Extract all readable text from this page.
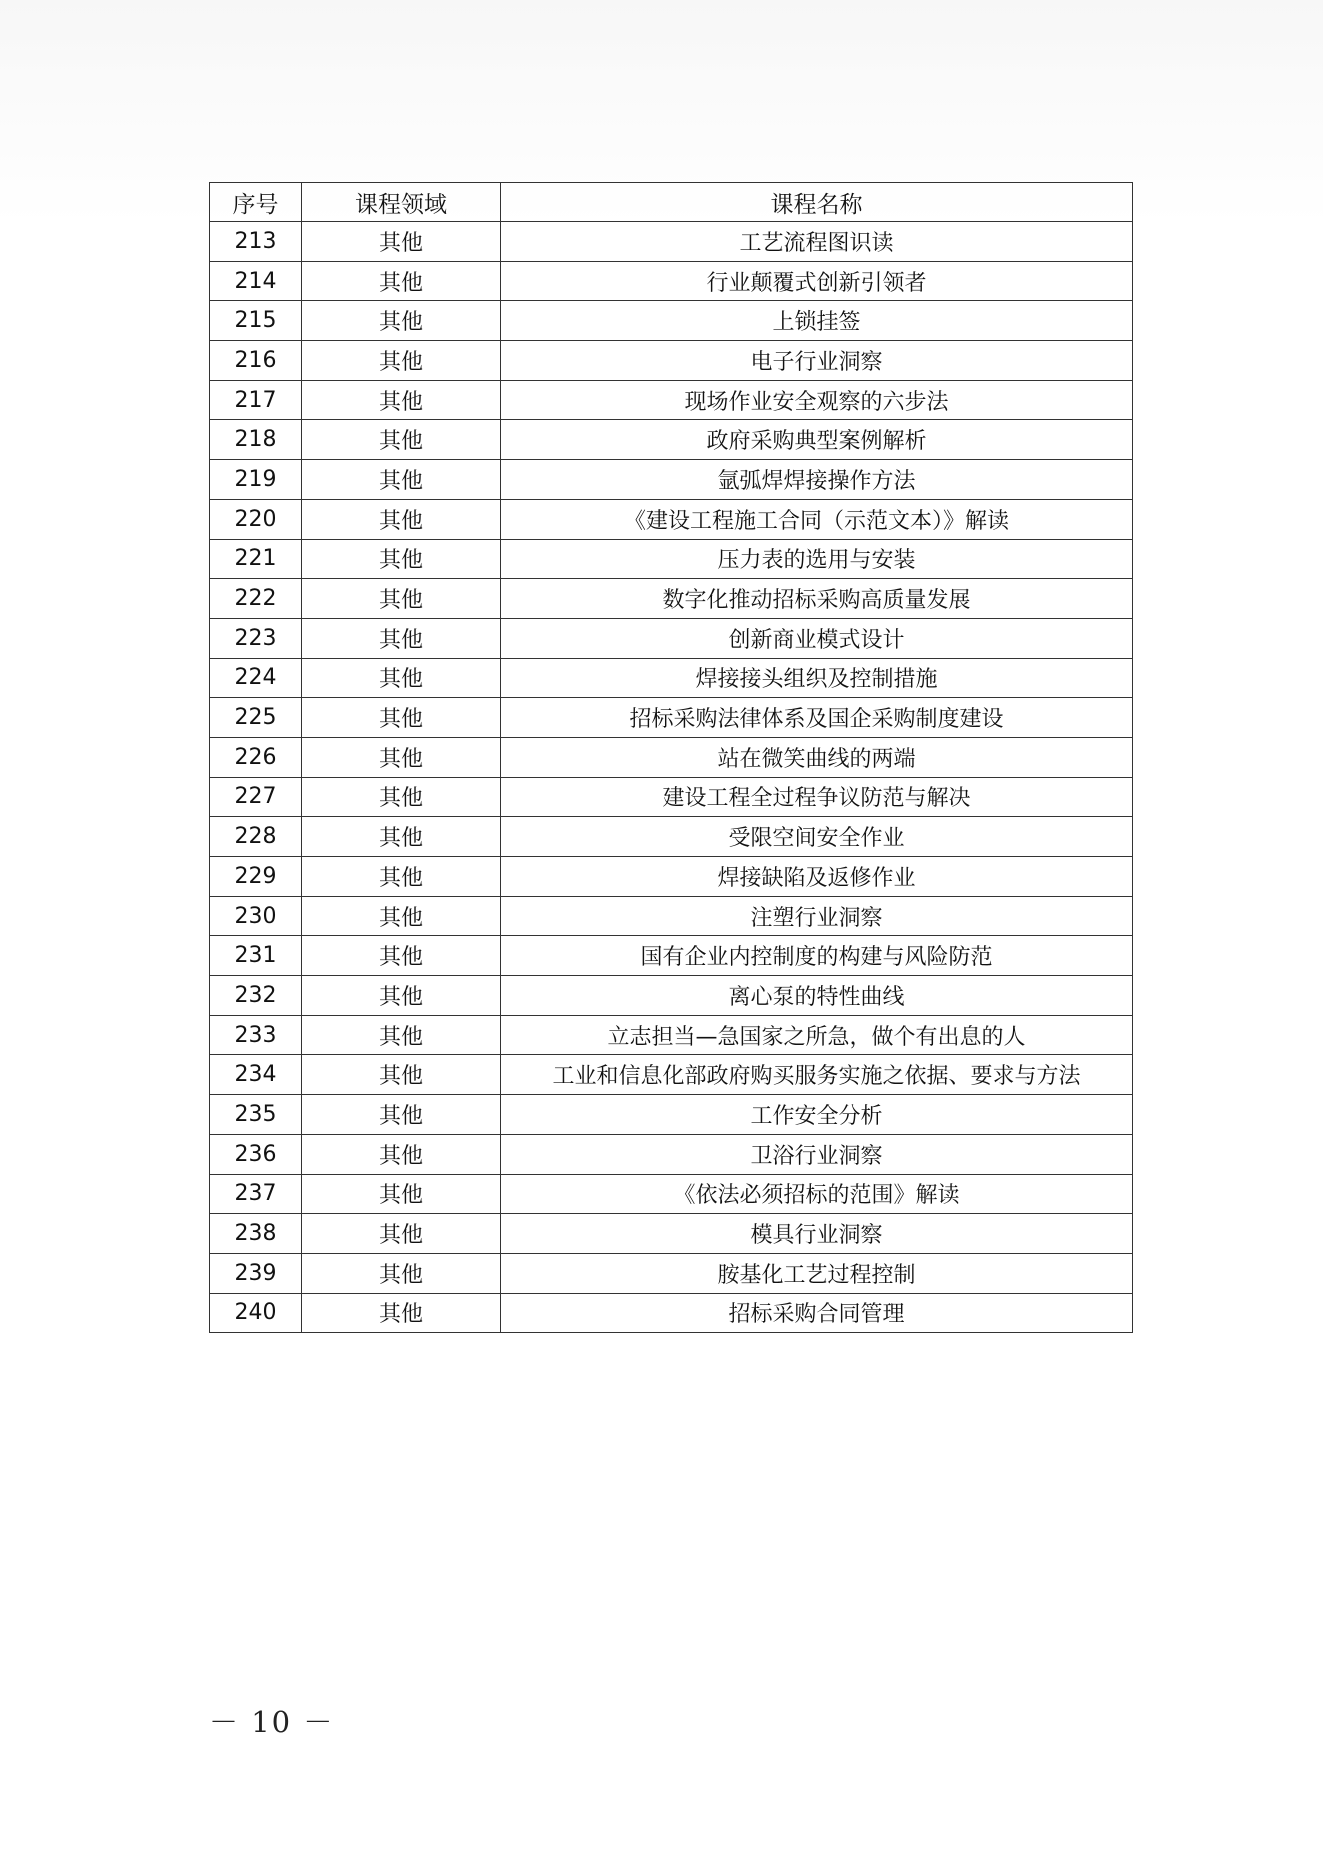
序号	课程领域	课程名称
213	其他	工艺流程图识读
214	其他	行业颠覆式创新引领者
215	其他	上锁挂签
216	其他	电子行业洞察
217	其他	现场作业安全观察的六步法
218	其他	政府采购典型案例解析
219	其他	氩弧焊焊接操作方法
220	其他	《建设工程施工合同（示范文本）》解读
221	其他	压力表的选用与安装
222	其他	数字化推动招标采购高质量发展
223	其他	创新商业模式设计
224	其他	焊接接头组织及控制措施
225	其他	招标采购法律体系及国企采购制度建设
226	其他	站在微笑曲线的两端
227	其他	建设工程全过程争议防范与解决
228	其他	受限空间安全作业
229	其他	焊接缺陷及返修作业
230	其他	注塑行业洞察
231	其他	国有企业内控制度的构建与风险防范
232	其他	离心泵的特性曲线
233	其他	立志担当—急国家之所急，做个有出息的人
234	其他	工业和信息化部政府购买服务实施之依据、要求与方法
235	其他	工作安全分析
236	其他	卫浴行业洞察
237	其他	《依法必须招标的范围》解读
238	其他	模具行业洞察
239	其他	胺基化工艺过程控制
240	其他	招标采购合同管理
－ 10 －
